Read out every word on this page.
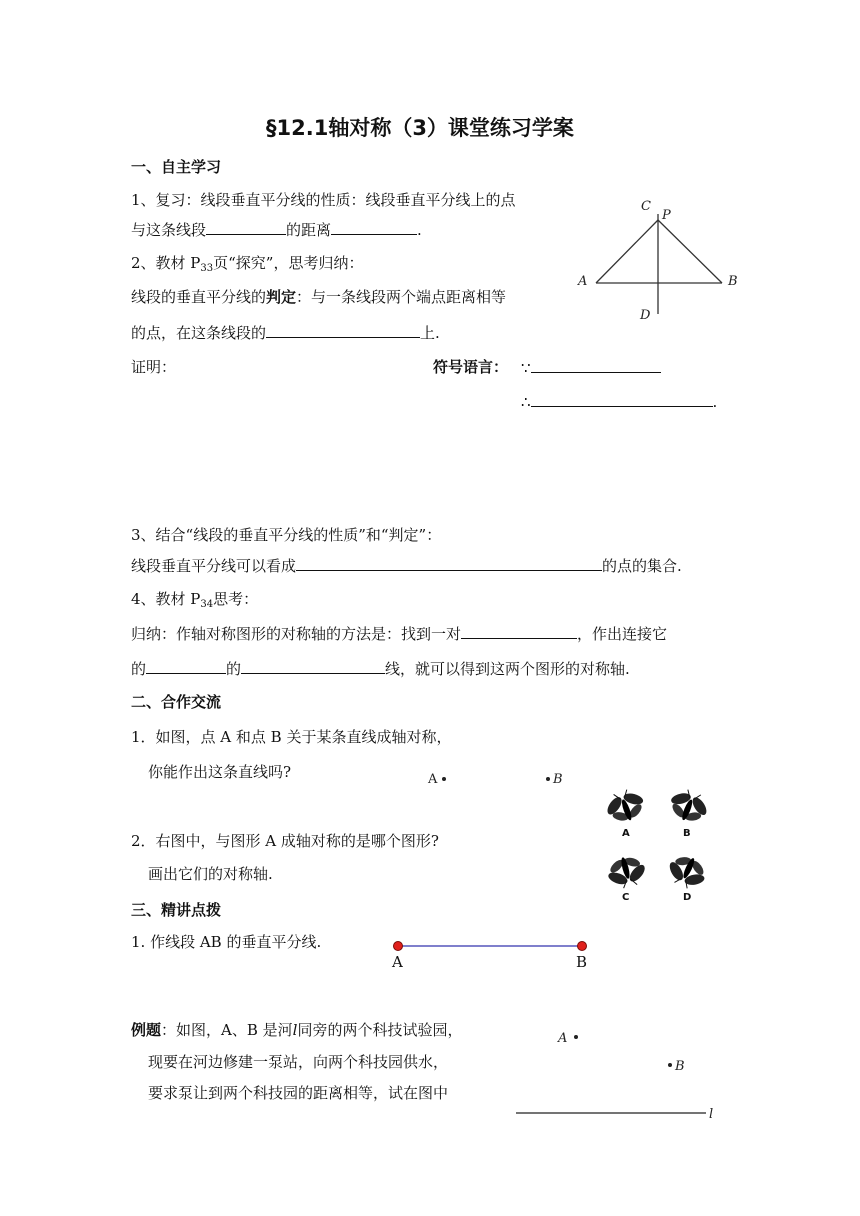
§12.1轴对称（3）课堂练习学案
一、自主学习
1、复习：线段垂直平分线的性质：线段垂直平分线上的点
与这条线段	的距离	.
2、教材 $P_{33}$页“探究”，思考归纳：
线段的垂直平分线的判定：与一条线段两个端点距离相等
的点，在这条线段的	上.
证明：	符号语言： ∵
∴	.
3、结合“线段的垂直平分线的性质”和“判定”：
线段垂直平分线可以看成	的点的集合.
4、教材 $P_{34}$思考：
归纳：作轴对称图形的对称轴的方法是：找到一对	，作出连接它
的	的	线，就可以得到这两个图形的对称轴.
二、合作交流
1．如图，点 A 和点 B 关于某条直线成轴对称，
你能作出这条直线吗?
2．右图中，与图形 A 成轴对称的是哪个图形?
画出它们的对称轴.
三、精讲点拨
1. 作线段 AB 的垂直平分线.
例题：如图，A、B 是河l同旁的两个科技试验园，
现要在河边修建一泵站，向两个科技园供水，
要求泵让到两个科技园的距离相等，试在图中
C
P
A	B
D
A	B
A	B
C	D
A	B
A
B
l
